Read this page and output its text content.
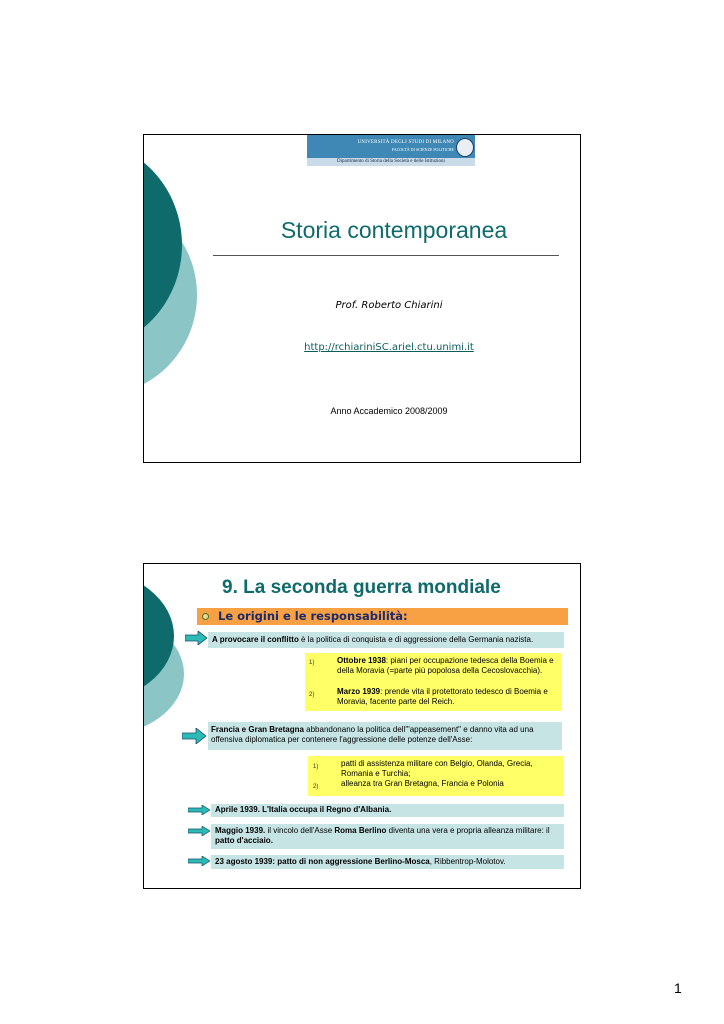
UNIVERSITÀ DEGLI STUDI DI MILANO
FACOLTÀ DI SCIENZE POLITICHE
Dipartimento di Storia della Società e delle Istituzioni
Storia contemporanea
Prof. Roberto Chiarini
http://rchiariniSC.ariel.ctu.unimi.it
Anno Accademico 2008/2009
9. La seconda guerra mondiale
Le origini e le responsabilità:
A provocare il conflitto è la politica di conquista e di aggressione della Germania nazista.
1)	Ottobre 1938: piani per occupazione tedesca della Boemia e della Moravia (=parte più popolosa della Cecoslovacchia).
2)	Marzo 1939: prende vita il protettorato tedesco di Boemia e Moravia, facente parte del Reich.
Francia e Gran Bretagna abbandonano la politica dell'"appeasement" e danno vita ad una offensiva diplomatica per contenere l'aggressione delle potenze dell'Asse:
1)	patti di assistenza militare con Belgio, Olanda, Grecia, Romania e Turchia;
2)	alleanza tra Gran Bretagna, Francia e Polonia
Aprile 1939. L'Italia occupa il Regno d'Albania.
Maggio 1939. il vincolo dell'Asse Roma Berlino diventa una vera e propria alleanza militare: il patto d'acciaio.
23 agosto 1939: patto di non aggressione Berlino-Mosca, Ribbentrop-Molotov.
1
